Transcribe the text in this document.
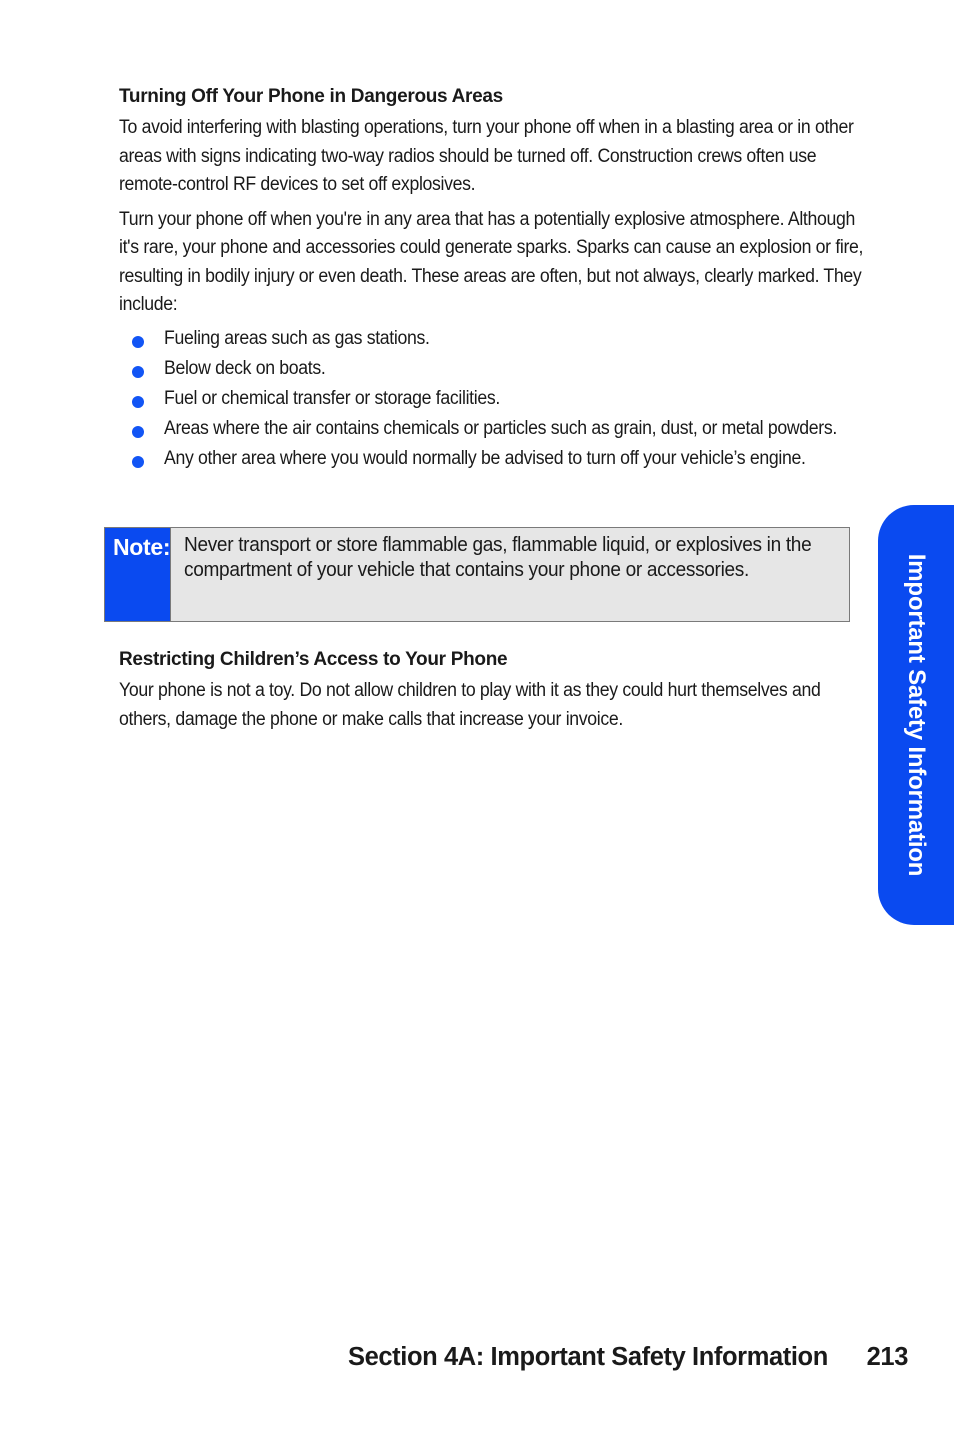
Turning Off Your Phone in Dangerous Areas

To avoid interfering with blasting operations, turn your phone off when in a blasting area or in other areas with signs indicating two-way radios should be turned off. Construction crews often use remote-control RF devices to set off explosives.

Turn your phone off when you're in any area that has a potentially explosive atmosphere. Although it's rare, your phone and accessories could generate sparks. Sparks can cause an explosion or fire, resulting in bodily injury or even death. These areas are often, but not always, clearly marked. They include:

Fueling areas such as gas stations.
Below deck on boats.
Fuel or chemical transfer or storage facilities.
Areas where the air contains chemicals or particles such as grain, dust, or metal powders.
Any other area where you would normally be advised to turn off your vehicle’s engine.
Note: Never transport or store flammable gas, flammable liquid, or explosives in the compartment of your vehicle that contains your phone or accessories.
Restricting Children’s Access to Your Phone

Your phone is not a toy. Do not allow children to play with it as they could hurt themselves and others, damage the phone or make calls that increase your invoice.	Important Safety Information
Section 4A: Important Safety Information 213
